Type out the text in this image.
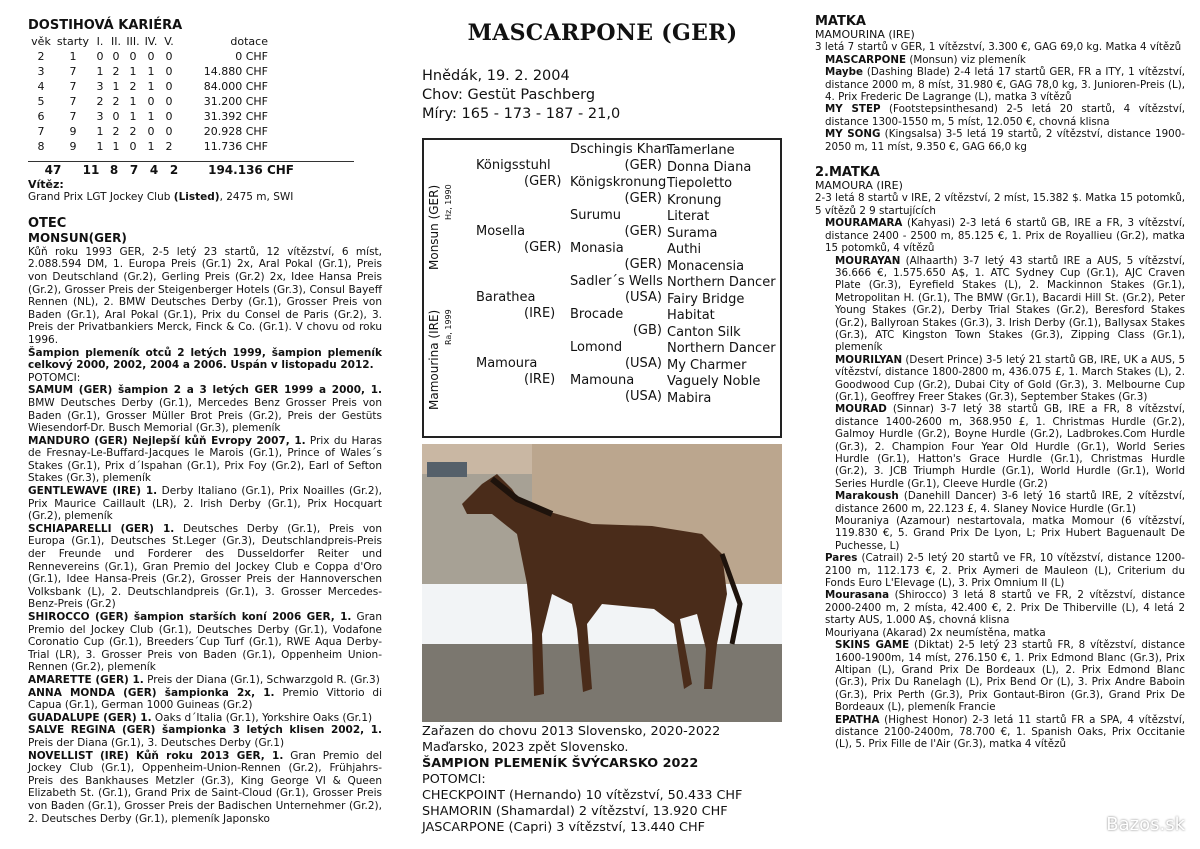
DOSTIHOVÁ KARIÉRA
věk	starty	I.	II.	III.	IV.	V.	dotace
2	1	0	0	0	0	0	0 CHF
3	7	1	2	1	1	0	14.880 CHF
4	7	3	1	2	1	0	84.000 CHF
5	7	2	2	1	0	0	31.200 CHF
6	7	3	0	1	1	0	31.392 CHF
7	9	1	2	2	0	0	20.928 CHF
8	9	1	1	0	1	2	11.736 CHF
47	11 8 7 4 2	194.136 CHF
Vítěz:
Grand Prix LGT Jockey Club (Listed), 2475 m, SWI
OTEC
MONSUN(GER)
Kůň roku 1993 GER, 2-5 letý 23 startů, 12 vítězství, 6 míst, 2.088.594 DM, 1. Europa Preis (Gr.1) 2x, Aral Pokal (Gr.1), Preis von Deutschland (Gr.2), Gerling Preis (Gr.2) 2x, Idee Hansa Preis (Gr.2), Grosser Preis der Steigenberger Hotels (Gr.3), Consul Bayeff Rennen (NL), 2. BMW Deutsches Derby (Gr.1), Grosser Preis von Baden (Gr.1), Aral Pokal (Gr.1), Prix du Consel de Paris (Gr.2), 3. Preis der Privatbankiers Merck, Finck & Co. (Gr.1). V chovu od roku 1996.
Šampion plemeník otců 2 letých 1999, šampion plemeník celkový 2000, 2002, 2004 a 2006. Uspán v listopadu 2012.
POTOMCI:
SAMUM (GER) šampion 2 a 3 letých GER 1999 a 2000, 1. BMW Deutsches Derby (Gr.1), Mercedes Benz Grosser Preis von Baden (Gr.1), Grosser Müller Brot Preis (Gr.2), Preis der Gestüts Wiesendorf-Dr. Busch Memorial (Gr.3), plemeník
MANDURO (GER) Nejlepší kůň Evropy 2007, 1. Prix du Haras de Fresnay-Le-Buffard-Jacques le Marois (Gr.1), Prince of Wales´s Stakes (Gr.1), Prix d´Ispahan (Gr.1), Prix Foy (Gr.2), Earl of Sefton Stakes (Gr.3), plemeník
GENTLEWAVE (IRE) 1. Derby Italiano (Gr.1), Prix Noailles (Gr.2), Prix Maurice Caillault (LR), 2. Irish Derby (Gr.1), Prix Hocquart (Gr.2), plemeník
SCHIAPARELLI (GER) 1. Deutsches Derby (Gr.1), Preis von Europa (Gr.1), Deutsches St.Leger (Gr.3), Deutschlandpreis-Preis der Freunde und Forderer des Dusseldorfer Reiter und Rennevereins (Gr.1), Gran Premio del Jockey Club e Coppa d'Oro (Gr.1), Idee Hansa-Preis (Gr.2), Grosser Preis der Hannoverschen Volksbank (L), 2. Deutschlandpreis (Gr.1), 3. Grosser Mercedes-Benz-Preis (Gr.2)
SHIROCCO (GER) šampion starších koní 2006 GER, 1. Gran Premio del Jockey Club (Gr.1), Deutsches Derby (Gr.1), Vodafone Coronatio Cup (Gr.1), Breeders´Cup Turf (Gr.1), RWE Aqua Derby-Trial (LR), 3. Grosser Preis von Baden (Gr.1), Oppenheim Union-Rennen (Gr.2), plemeník
AMARETTE (GER) 1. Preis der Diana (Gr.1), Schwarzgold R. (Gr.3)
ANNA MONDA (GER) šampionka 2x, 1. Premio Vittorio di Capua (Gr.1), German 1000 Guineas (Gr.2)
GUADALUPE (GER) 1. Oaks d´Italia (Gr.1), Yorkshire Oaks (Gr.1)
SALVE REGINA (GER) šampionka 3 letých klisen 2002, 1. Preis der Diana (Gr.1), 3. Deutsches Derby (Gr.1)
NOVELLIST (IRE) Kůň roku 2013 GER, 1. Gran Premio del Jockey Club (Gr.1), Oppenheim-Union-Rennen (Gr.2), Frühjahrs-Preis des Bankhauses Metzler (Gr.3), King George VI & Queen Elizabeth St. (Gr.1), Grand Prix de Saint-Cloud (Gr.1), Grosser Preis von Baden (Gr.1), Grosser Preis der Badischen Unternehmer (Gr.2), 2. Deutsches Derby (Gr.1), plemeník Japonsko
MASCARPONE (GER)
Hnědák, 19. 2. 2004
Chov: Gestüt Paschberg
Míry: 165 - 173 - 187 - 21,0
Monsun (GER) Hz, 1990
Mamourina (IRE) Ra, 1999
Königsstuhl
(GER)
Mosella
(GER)
Barathea
(IRE)
Mamoura
(IRE)
Dschingis Khan
(GER)
Königskronung
(GER)
Surumu
(GER)
Monasia
(GER)
Sadler´s Wells
(USA)
Brocade
(GB)
Lomond
(USA)
Mamouna
(USA)
Tamerlane
Donna Diana
Tiepoletto
Kronung
Literat
Surama
Authi
Monacensia
Northern Dancer
Fairy Bridge
Habitat
Canton Silk
Northern Dancer
My Charmer
Vaguely Noble
Mabira
Zařazen do chovu 2013 Slovensko, 2020-2022 Maďarsko, 2023 zpět Slovensko.
ŠAMPION PLEMENÍK ŠVÝCARSKO 2022
POTOMCI:
CHECKPOINT (Hernando) 10 vítězství, 50.433 CHF
SHAMORIN (Shamardal) 2 vítězství, 13.920 CHF
JASCARPONE (Capri) 3 vítězství, 13.440 CHF
MATKA
MAMOURINA (IRE)
3 letá 7 startů v GER, 1 vítězství, 3.300 €, GAG 69,0 kg. Matka 4 vítězů
MASCARPONE (Monsun) viz plemeník
Maybe (Dashing Blade) 2-4 letá 17 startů GER, FR a ITY, 1 vítězství, distance 2000 m, 8 míst, 31.980 €, GAG 78,0 kg, 3. Junioren-Preis (L), 4. Prix Frederic De Lagrange (L), matka 3 vítězů
MY STEP (Footstepsinthesand) 2-5 letá 20 startů, 4 vítězství, distance 1300-1550 m, 5 míst, 12.050 €, chovná klisna
MY SONG (Kingsalsa) 3-5 letá 19 startů, 2 vítězství, distance 1900-2050 m, 11 míst, 9.350 €, GAG 66,0 kg
2.MATKA
MAMOURA (IRE)
2-3 letá 8 startů v IRE, 2 vítězství, 2 míst, 15.382 $. Matka 15 potomků, 5 vítězů 2 9 startujících
MOURAMARA (Kahyasi) 2-3 letá 6 startů GB, IRE a FR, 3 vítězství, distance 2400 - 2500 m, 85.125 €, 1. Prix de Royallieu (Gr.2), matka 15 potomků, 4 vítězů
MOURAYAN (Alhaarth) 3-7 letý 43 startů IRE a AUS, 5 vítězství, 36.666 €, 1.575.650 A$, 1. ATC Sydney Cup (Gr.1), AJC Craven Plate (Gr.3), Eyrefield Stakes (L), 2. Mackinnon Stakes (Gr.1), Metropolitan H. (Gr.1), The BMW (Gr.1), Bacardi Hill St. (Gr.2), Peter Young Stakes (Gr.2), Derby Trial Stakes (Gr.2), Beresford Stakes (Gr.2), Ballyroan Stakes (Gr.3), 3. Irish Derby (Gr.1), Ballysax Stakes (Gr.3), ATC Kingston Town Stakes (Gr.3), Zipping Class (Gr.1), plemeník
MOURILYAN (Desert Prince) 3-5 letý 21 startů GB, IRE, UK a AUS, 5 vítězství, distance 1800-2800 m, 436.075 £, 1. March Stakes (L), 2. Goodwood Cup (Gr.2), Dubai City of Gold (Gr.3), 3. Melbourne Cup (Gr.1), Geoffrey Freer Stakes (Gr.3), September Stakes (Gr.3)
MOURAD (Sinnar) 3-7 letý 38 startů GB, IRE a FR, 8 vítězství, distance 1400-2600 m, 368.950 £, 1. Christmas Hurdle (Gr.2), Galmoy Hurdle (Gr.2), Boyne Hurdle (Gr.2), Ladbrokes.Com Hurdle (Gr.3), 2. Champion Four Year Old Hurdle (Gr.1), World Series Hurdle (Gr.1), Hatton's Grace Hurdle (Gr.1), Christmas Hurdle (Gr.2), 3. JCB Triumph Hurdle (Gr.1), World Hurdle (Gr.1), World Series Hurdle (Gr.1), Cleeve Hurdle (Gr.2)
Marakoush (Danehill Dancer) 3-6 letý 16 startů IRE, 2 vítězství, distance 2600 m, 22.123 £, 4. Slaney Novice Hurdle (Gr.1)
Mouraniya (Azamour) nestartovala, matka Momour (6 vítězství, 119.830 €, 5. Grand Prix De Lyon, L; Prix Hubert Baguenault De Puchesse, L)
Pares (Catrail) 2-5 letý 20 startů ve FR, 10 vítězství, distance 1200-2100 m, 112.173 €, 2. Prix Aymeri de Mauleon (L), Criterium du Fonds Euro L'Elevage (L), 3. Prix Omnium II (L)
Mourasana (Shirocco) 3 letá 8 startů ve FR, 2 vítězství, distance 2000-2400 m, 2 místa, 42.400 €, 2. Prix De Thiberville (L), 4 letá 2 starty AUS, 1.000 A$, chovná klisna
Mouriyana (Akarad) 2x neumístěna, matka
SKINS GAME (Diktat) 2-5 letý 23 startů FR, 8 vítězství, distance 1600-1900m, 14 míst, 276.150 €, 1. Prix Edmond Blanc (Gr.3), Prix Altipan (L), Grand Prix De Bordeaux (L), 2. Prix Edmond Blanc (Gr.3), Prix Du Ranelagh (L), Prix Bend Or (L), 3. Prix Andre Baboin (Gr.3), Prix Perth (Gr.3), Prix Gontaut-Biron (Gr.3), Grand Prix De Bordeaux (L), plemeník Francie
EPATHA (Highest Honor) 2-3 letá 11 startů FR a SPA, 4 vítězství, distance 2100-2400m, 78.700 €, 1. Spanish Oaks, Prix Occitanie (L), 5. Prix Fille de l'Air (Gr.3), matka 4 vítězů
Bazos.sk
